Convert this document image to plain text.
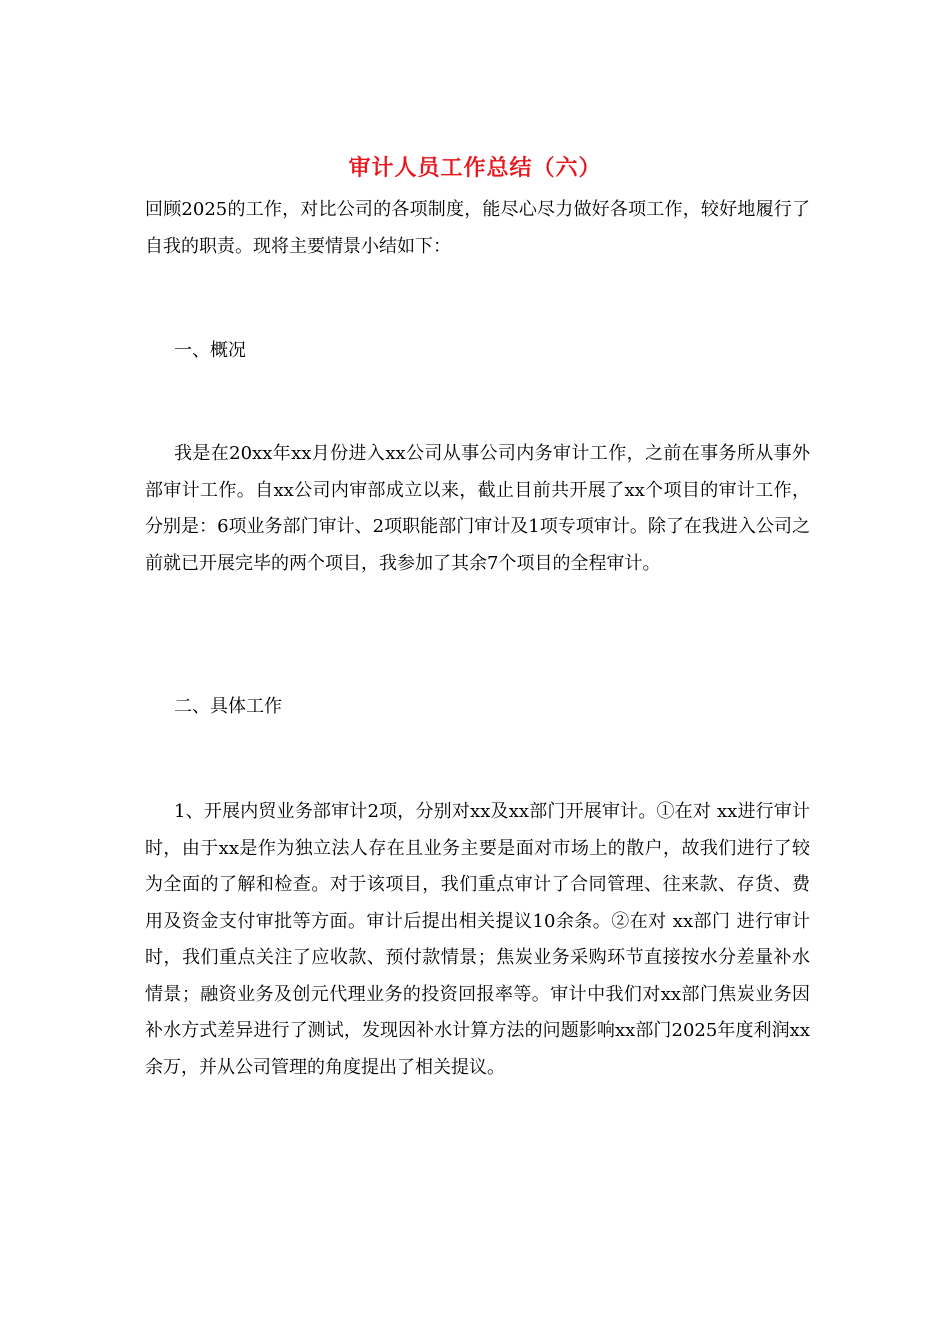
审计人员工作总结（六）

回顾2025的工作，对比公司的各项制度，能尽心尽力做好各项工作，较好地履行了自我的职责。现将主要情景小结如下：

一、概况

我是在20xx年xx月份进入xx公司从事公司内务审计工作，之前在事务所从事外部审计工作。自xx公司内审部成立以来，截止目前共开展了xx个项目的审计工作，分别是：6项业务部门审计、2项职能部门审计及1项专项审计。除了在我进入公司之前就已开展完毕的两个项目，我参加了其余7个项目的全程审计。

二、具体工作

1、开展内贸业务部审计2项，分别对xx及xx部门开展审计。①在对 xx进行审计时，由于xx是作为独立法人存在且业务主要是面对市场上的散户，故我们进行了较为全面的了解和检查。对于该项目，我们重点审计了合同管理、往来款、存货、费用及资金支付审批等方面。审计后提出相关提议10余条。②在对 xx部门 进行审计时，我们重点关注了应收款、预付款情景；焦炭业务采购环节直接按水分差量补水情景；融资业务及创元代理业务的投资回报率等。审计中我们对xx部门焦炭业务因补水方式差异进行了测试，发现因补水计算方法的问题影响xx部门2025年度利润xx余万，并从公司管理的角度提出了相关提议。
